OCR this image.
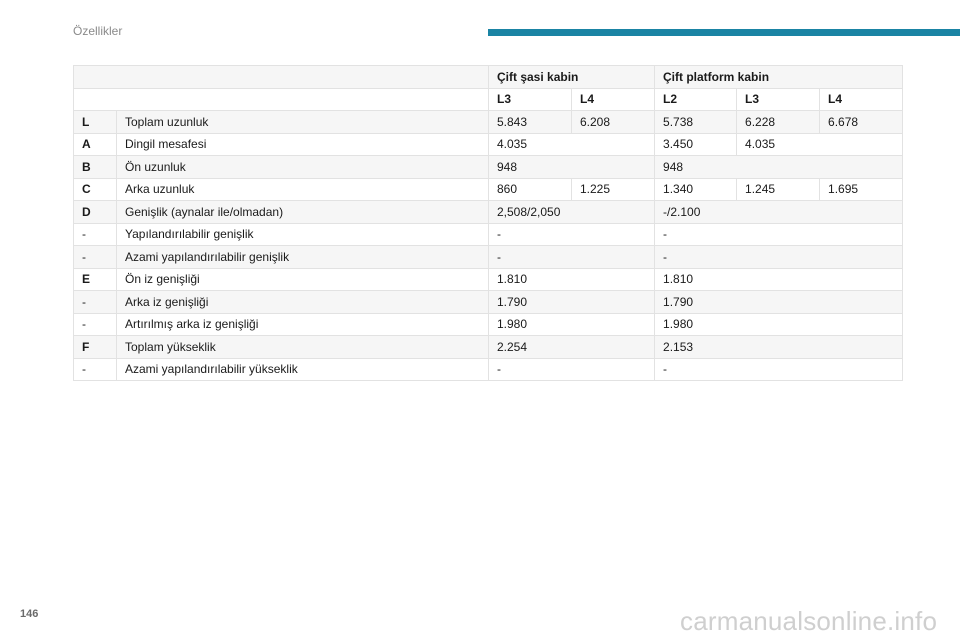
Özellikler
		Çift şasi kabin		Çift platform kabin		
		L3	L4	L2	L3	L4
L	Toplam uzunluk	5.843	6.208	5.738	6.228	6.678
A	Dingil mesafesi	4.035		3.450	4.035	
B	Ön uzunluk	948		948		
C	Arka uzunluk	860	1.225	1.340	1.245	1.695
D	Genişlik (aynalar ile/olmadan)	2,508/2,050		-/2.100		
-	Yapılandırılabilir genişlik	-		-		
-	Azami yapılandırılabilir genişlik	-		-		
E	Ön iz genişliği	1.810		1.810		
-	Arka iz genişliği	1.790		1.790		
-	Artırılmış arka iz genişliği	1.980		1.980		
F	Toplam yükseklik	2.254		2.153		
-	Azami yapılandırılabilir yükseklik	-		-		
146	carmanualsonline.info
